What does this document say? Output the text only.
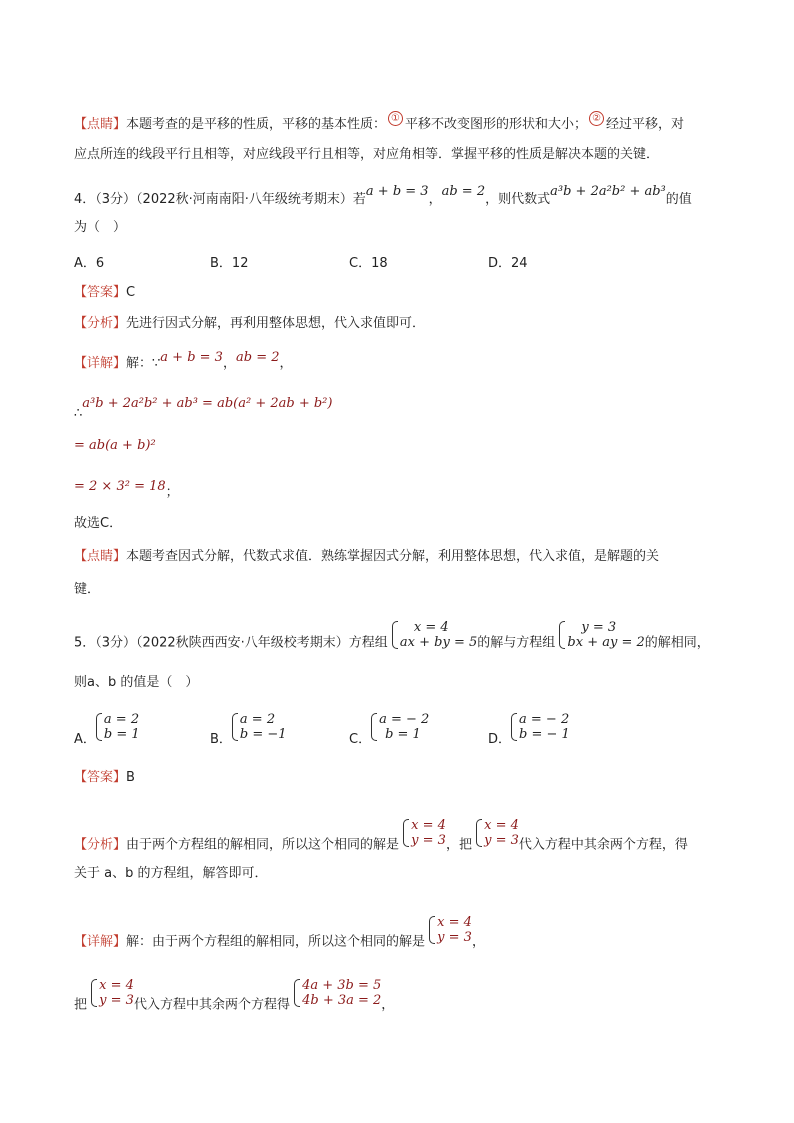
【点睛】本题考查的是平移的性质，平移的基本性质： ① 平移不改变图形的形状和大小； ② 经过平移，对
应点所连的线段平行且相等，对应线段平行且相等，对应角相等．掌握平移的性质是解决本题的关键．
4．（3分）（2022秋·河南南阳·八年级统考期末）若a + b = 3，ab = 2，则代数式a³b + 2a²b² + ab³的值
为（　）
A．6	B．12	C．18	D．24
【答案】C
【分析】先进行因式分解，再利用整体思想，代入求值即可．
【详解】解：∵a + b = 3，ab = 2，
∴a³b + 2a²b² + ab³ = ab(a² + 2ab + b²)
= ab(a + b)²
= 2 × 3² = 18；
故选C．
【点睛】本题考查因式分解，代数式求值．熟练掌握因式分解，利用整体思想，代入求值，是解题的关
键．
5．（3分）（2022秋陕西西安·八年级校考期末）方程组
x = 4
ax + by = 5 的解与方程组
y = 3
bx + ay = 2 的解相同，
则a、b 的值是（　）
A．
a = 2
b = 1	B．
a = 2
b = −1	C．
a = − 2
b = 1	D．
a = − 2
b = − 1
【答案】B
【分析】由于两个方程组的解相同，所以这个相同的解是
x = 4
y = 3 ，把
x = 4
y = 3 代入方程中其余两个方程，得
关于 a、b 的方程组，解答即可．
【详解】解：由于两个方程组的解相同，所以这个相同的解是
x = 4
y = 3 ，
把
x = 4
y = 3 代入方程中其余两个方程得
4a + 3b = 5
4b + 3a = 2 ，
